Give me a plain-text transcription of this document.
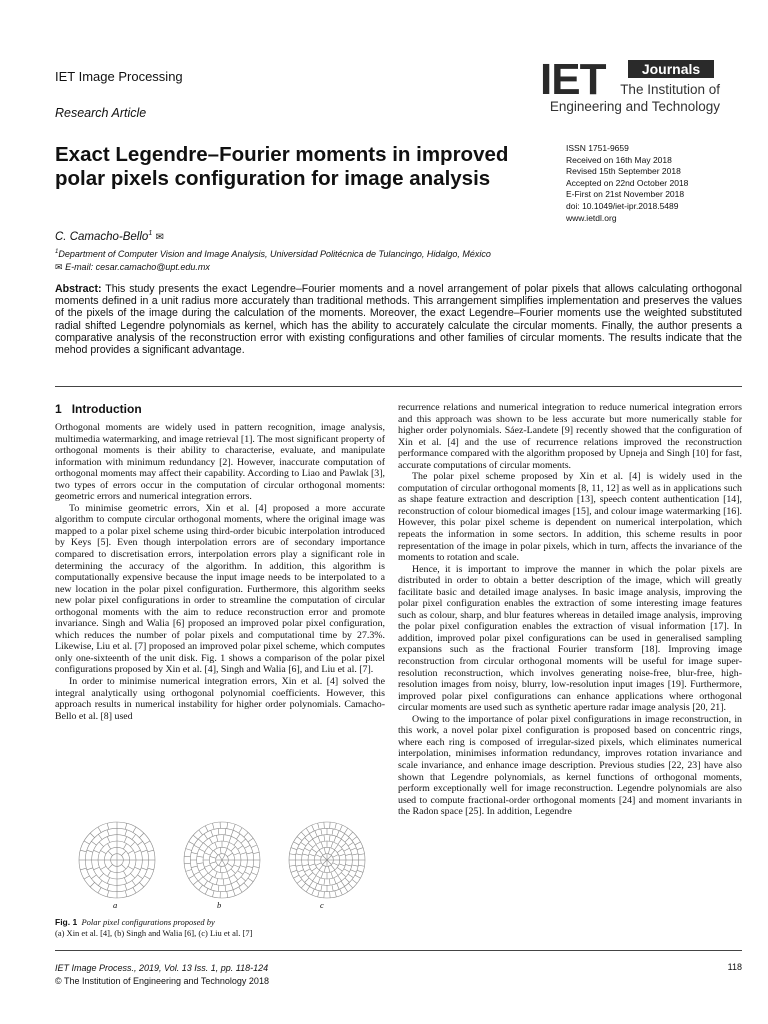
IET Image Processing
Research Article
IET	Journals
The Institution of
Engineering and Technology
Exact Legendre–Fourier moments in improved polar pixels configuration for image analysis
ISSN 1751-9659
Received on 16th May 2018
Revised 15th September 2018
Accepted on 22nd October 2018
E-First on 21st November 2018
doi: 10.1049/iet-ipr.2018.5489
www.ietdl.org
C. Camacho-Bello$^1$ ✉
$^1$Department of Computer Vision and Image Analysis, Universidad Politécnica de Tulancingo, Hidalgo, México
✉ E-mail: cesar.camacho@upt.edu.mx
Abstract: This study presents the exact Legendre–Fourier moments and a novel arrangement of polar pixels that allows calculating orthogonal moments defined in a unit radius more accurately than traditional methods. This arrangement simplifies implementation and preserves the values of the pixels of the image during the calculation of the moments. Moreover, the exact Legendre–Fourier moments use the weighted substituted radial shifted Legendre polynomials as kernel, which has the ability to accurately calculate the circular moments. Finally, the author presents a comparative analysis of the reconstruction error with existing configurations and other families of circular moments. The results indicate that the mehod provides a significant advantage.
1 Introduction

Orthogonal moments are widely used in pattern recognition, image analysis, multimedia watermarking, and image retrieval [1]. The most significant property of orthogonal moments is their ability to characterise, evaluate, and manipulate information with minimum redundancy [2]. However, inaccurate computation of orthogonal moments may affect their capability. According to Liao and Pawlak [3], two types of errors occur in the computation of circular orthogonal moments: geometric errors and numerical integration errors.

To minimise geometric errors, Xin et al. [4] proposed a more accurate algorithm to compute circular orthogonal moments, where the original image was mapped to a polar pixel scheme using third-order bicubic interpolation introduced by Keys [5]. Even though interpolation errors are of secondary importance compared to discretisation errors, interpolation errors play a significant role in determining the accuracy of the algorithm. In addition, this algorithm is computationally expensive because the input image needs to be interpolated to a new location in the polar pixel configuration. Furthermore, this algorithm seeks new polar pixel configurations in order to streamline the computation of circular orthogonal moments with the aim to reduce reconstruction error and promote invariance. Singh and Walia [6] proposed an improved polar pixel configuration, which reduces the number of polar pixels and computational time by 27.3%. Likewise, Liu et al. [7] proposed an improved polar pixel scheme, which computes only one-sixteenth of the unit disk. Fig. 1 shows a comparison of the polar pixel configurations proposed by Xin et al. [4], Singh and Walia [6], and Liu et al. [7].

In order to minimise numerical integration errors, Xin et al. [4] solved the integral analytically using orthogonal polynomial coefficients. However, this approach results in numerical instability for higher order polynomials. Camacho-Bello et al. [8] used

a	b	c
Fig. 1 Polar pixel configurations proposed by
(a) Xin et al. [4], (b) Singh and Walia [6], (c) Liu et al. [7]

recurrence relations and numerical integration to reduce numerical integration errors and this approach was shown to be less accurate but more numerically stable for higher order polynomials. Sáez-Landete [9] recently showed that the configuration of Xin et al. [4] and the use of recurrence relations improved the reconstruction performance compared with the algorithm proposed by Upneja and Singh [10] for fast, accurate computations of circular moments.

The polar pixel scheme proposed by Xin et al. [4] is widely used in the computation of circular orthogonal moments [8, 11, 12] as well as in applications such as shape feature extraction and description [13], speech content authentication [14], reconstruction of colour biomedical images [15], and colour image watermarking [16]. However, this polar pixel scheme is dependent on numerical interpolation, which repeats the information in some sectors. In addition, this scheme results in poor representation of the image in polar pixels, which in turn, affects the invariance of the moments to rotation and scale.

Hence, it is important to improve the manner in which the polar pixels are distributed in order to obtain a better description of the image, which will greatly facilitate basic and detailed image analyses. In basic image analysis, improving the polar pixel configuration enables the extraction of some interesting image features such as colour, sharp, and blur features whereas in detailed image analysis, improving the polar pixel configuration enables the extraction of visual information [17]. In addition, improved polar pixel configurations can be used in generalised sampling expansions such as the fractional Fourier transform [18]. Improving image reconstruction from circular orthogonal moments will be useful for image super-resolution reconstruction, which involves generating noise-free, blur-free, high-resolution images from noisy, blurry, low-resolution input images [19]. Furthermore, improved polar pixel configurations can enhance applications where orthogonal circular moments are used such as synthetic aperture radar image analysis [20, 21].

Owing to the importance of polar pixel configurations in image reconstruction, in this work, a novel polar pixel configuration is proposed based on concentric rings, where each ring is composed of irregular-sized pixels, which eliminates numerical interpolation, minimises information redundancy, improves rotation invariance and scale invariance, and enhance image description. Previous studies [22, 23] have also shown that Legendre polynomials, as kernel functions of orthogonal moments, perform exceptionally well for image reconstruction. Legendre polynomials are also used to compute fractional-order orthogonal moments [24] and moment invariants in the Radon space [25]. In addition, Legendre

IET Image Process., 2019, Vol. 13 Iss. 1, pp. 118-124
© The Institution of Engineering and Technology 2018
118
